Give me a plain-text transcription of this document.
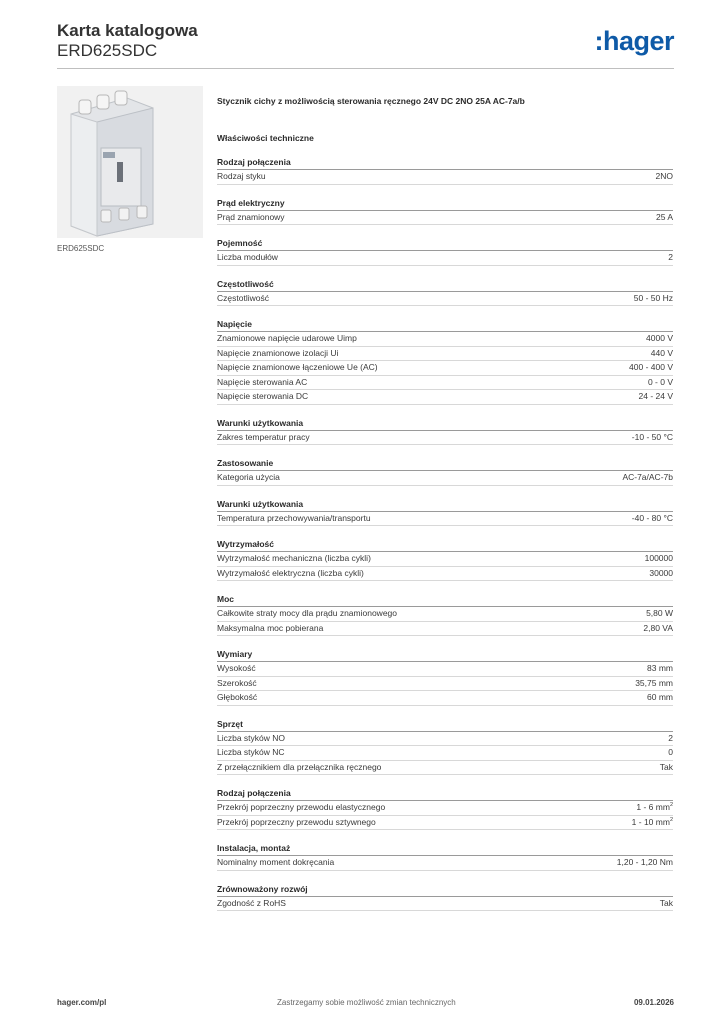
Karta katalogowa
ERD625SDC	:hager
ERD625SDC
Stycznik cichy z możliwością sterowania ręcznego 24V DC 2NO 25A AC-7a/b
Właściwości techniczne
Rodzaj połączenia
Rodzaj styku	2NO
Prąd elektryczny
Prąd znamionowy	25 A
Pojemność
Liczba modułów	2
Częstotliwość
Częstotliwość	50 - 50 Hz
Napięcie
Znamionowe napięcie udarowe Uimp	4000 V
Napięcie znamionowe izolacji Ui	440 V
Napięcie znamionowe łączeniowe Ue (AC)	400 - 400 V
Napięcie sterowania AC	0 - 0 V
Napięcie sterowania DC	24 - 24 V
Warunki użytkowania
Zakres temperatur pracy	-10 - 50 °C
Zastosowanie
Kategoria użycia	AC-7a/AC-7b
Warunki użytkowania
Temperatura przechowywania/transportu	-40 - 80 °C
Wytrzymałość
Wytrzymałość mechaniczna (liczba cykli)	100000
Wytrzymałość elektryczna (liczba cykli)	30000
Moc
Całkowite straty mocy dla prądu znamionowego	5,80 W
Maksymalna moc pobierana	2,80 VA
Wymiary
Wysokość	83 mm
Szerokość	35,75 mm
Głębokość	60 mm
Sprzęt
Liczba styków NO	2
Liczba styków NC	0
Z przełącznikiem dla przełącznika ręcznego	Tak
Rodzaj połączenia
Przekrój poprzeczny przewodu elastycznego	1 - 6 $mm^2$
Przekrój poprzeczny przewodu sztywnego	1 - 10 $mm^2$
Instalacja, montaż
Nominalny moment dokręcania	1,20 - 1,20 Nm
Zrównoważony rozwój
Zgodność z RoHS	Tak
hager.com/pl	Zastrzegamy sobie możliwość zmian technicznych	09.01.2026
